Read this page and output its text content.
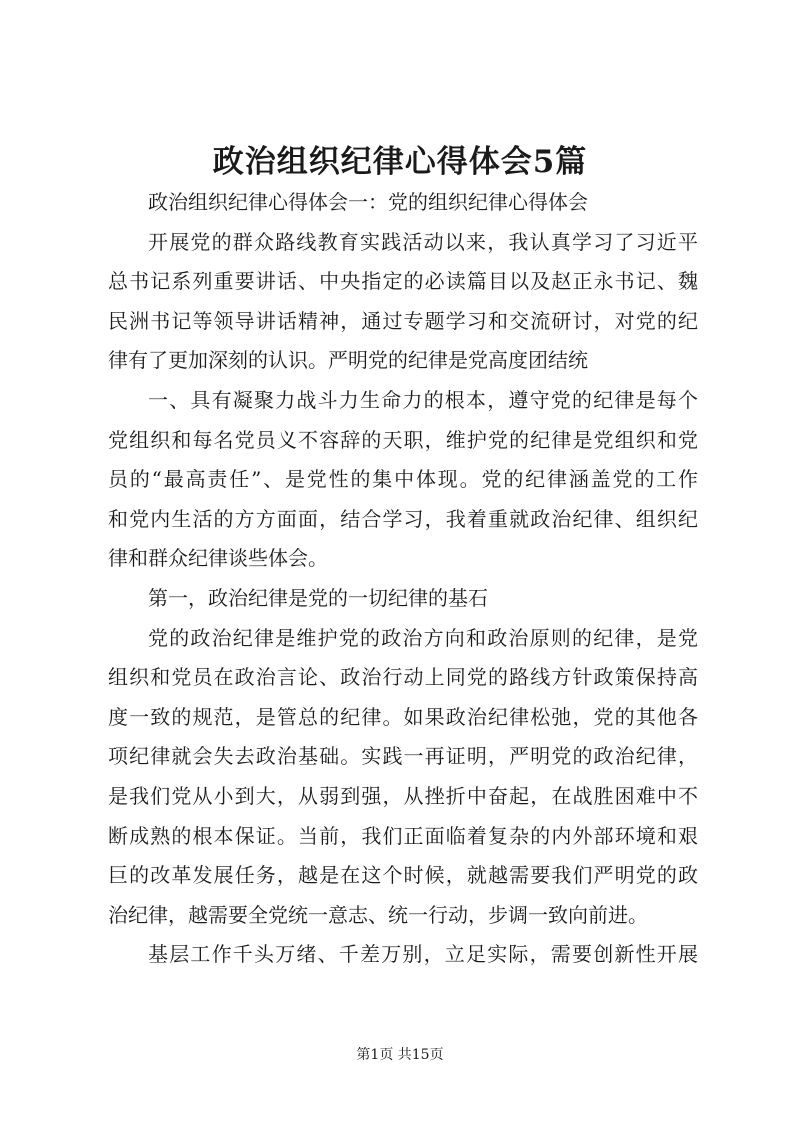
政治组织纪律心得体会5篇
政治组织纪律心得体会一：党的组织纪律心得体会
开展党的群众路线教育实践活动以来，我认真学习了习近平
总书记系列重要讲话、中央指定的必读篇目以及赵正永书记、魏
民洲书记等领导讲话精神，通过专题学习和交流研讨，对党的纪
律有了更加深刻的认识。严明党的纪律是党高度团结统
一、具有凝聚力战斗力生命力的根本，遵守党的纪律是每个
党组织和每名党员义不容辞的天职，维护党的纪律是党组织和党
员的“最高责任”、是党性的集中体现。党的纪律涵盖党的工作
和党内生活的方方面面，结合学习，我着重就政治纪律、组织纪
律和群众纪律谈些体会。
第一，政治纪律是党的一切纪律的基石
党的政治纪律是维护党的政治方向和政治原则的纪律，是党
组织和党员在政治言论、政治行动上同党的路线方针政策保持高
度一致的规范，是管总的纪律。如果政治纪律松弛，党的其他各
项纪律就会失去政治基础。实践一再证明，严明党的政治纪律，
是我们党从小到大，从弱到强，从挫折中奋起，在战胜困难中不
断成熟的根本保证。当前，我们正面临着复杂的内外部环境和艰
巨的改革发展任务，越是在这个时候，就越需要我们严明党的政
治纪律，越需要全党统一意志、统一行动，步调一致向前进。
基层工作千头万绪、千差万别，立足实际，需要创新性开展
第1页 共15页
